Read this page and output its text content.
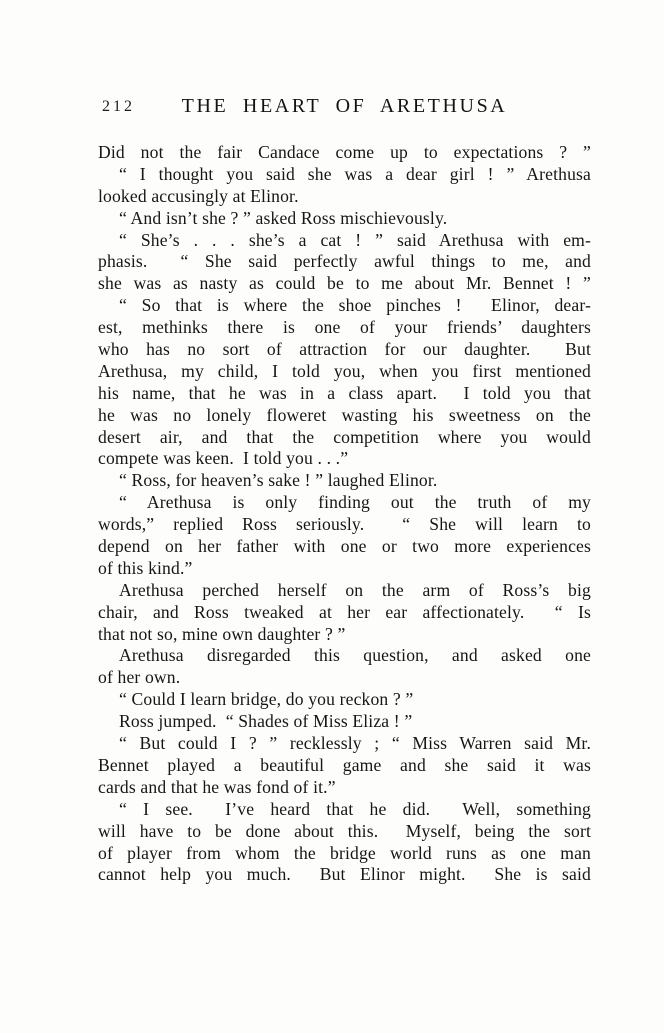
212	THE HEART OF ARETHUSA
Did not the fair Candace come up to expectations ? ”
“ I thought you said she was a dear girl ! ” Arethusa
looked accusingly at Elinor.
“ And isn’t she ? ” asked Ross mischievously.
“ She’s . . . she’s a cat ! ” said Arethusa with em-
phasis.  “ She said perfectly awful things to me, and
she was as nasty as could be to me about Mr. Bennet ! ”
“ So that is where the shoe pinches !  Elinor, dear-
est, methinks there is one of your friends’ daughters
who has no sort of attraction for our daughter.  But
Arethusa, my child, I told you, when you first mentioned
his name, that he was in a class apart.  I told you that
he was no lonely floweret wasting his sweetness on the
desert air, and that the competition where you would
compete was keen.  I told you . . .”
“ Ross, for heaven’s sake ! ” laughed Elinor.
“ Arethusa is only finding out the truth of my
words,” replied Ross seriously.  “ She will learn to
depend on her father with one or two more experiences
of this kind.”
Arethusa perched herself on the arm of Ross’s big
chair, and Ross tweaked at her ear affectionately.  “ Is
that not so, mine own daughter ? ”
Arethusa disregarded this question, and asked one
of her own.
“ Could I learn bridge, do you reckon ? ”
Ross jumped.  “ Shades of Miss Eliza ! ”
“ But could I ? ” recklessly ; “ Miss Warren said Mr.
Bennet played a beautiful game and she said it was
cards and that he was fond of it.”
“ I see.  I’ve heard that he did.  Well, something
will have to be done about this.  Myself, being the sort
of player from whom the bridge world runs as one man
cannot help you much.  But Elinor might.  She is said
